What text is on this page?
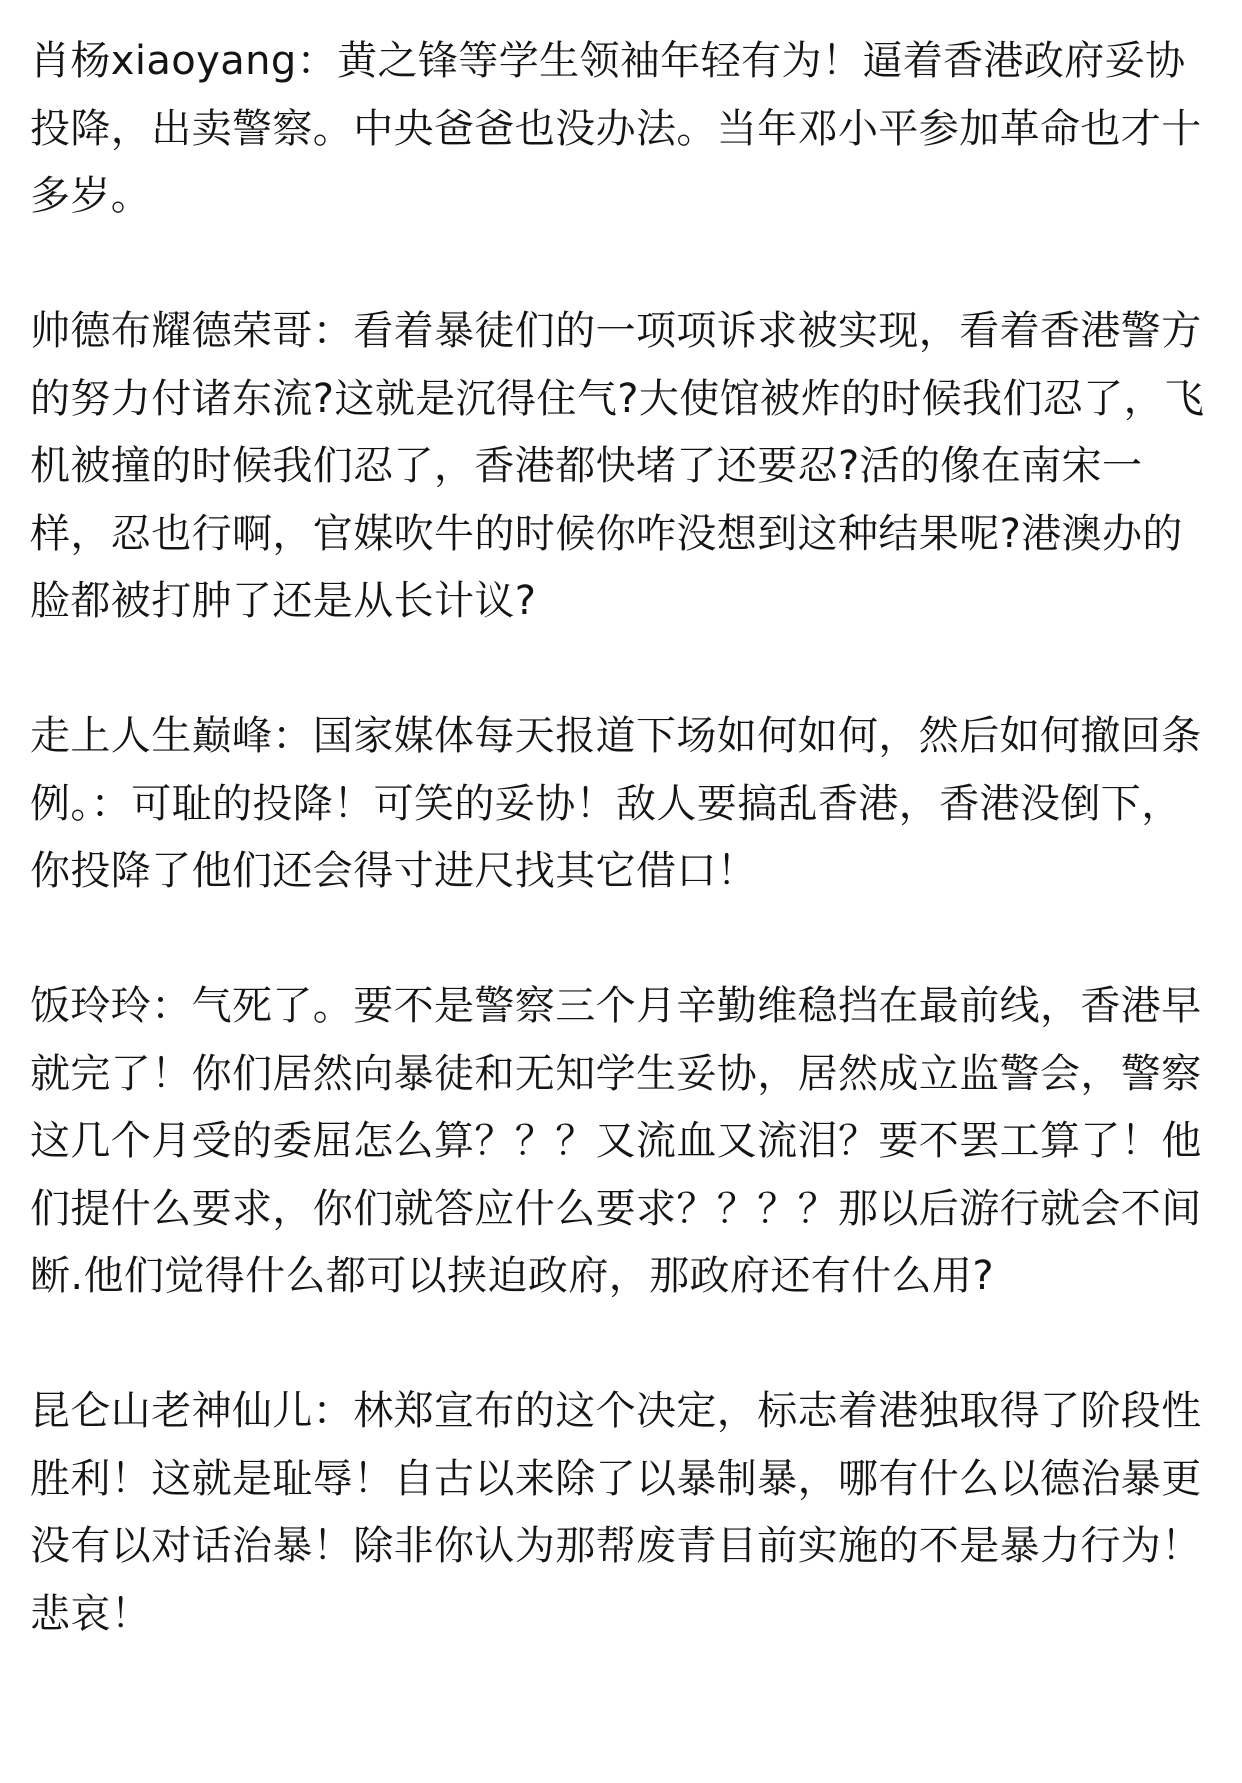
肖杨xiaoyang：黄之锋等学生领袖年轻有为！逼着香港政府妥协投降，出卖警察。中央爸爸也没办法。当年邓小平参加革命也才十多岁。

帅德布耀德荣哥：看着暴徒们的一项项诉求被实现，看着香港警方的努力付诸东流?这就是沉得住气?大使馆被炸的时候我们忍了，飞机被撞的时候我们忍了，香港都快堵了还要忍?活的像在南宋一样，忍也行啊，官媒吹牛的时候你咋没想到这种结果呢?港澳办的脸都被打肿了还是从长计议?

走上人生巅峰：国家媒体每天报道下场如何如何，然后如何撤回条例。：可耻的投降！可笑的妥协！敌人要搞乱香港，香港没倒下，你投降了他们还会得寸进尺找其它借口！

饭玲玲：气死了。要不是警察三个月辛勤维稳挡在最前线，香港早就完了！你们居然向暴徒和无知学生妥协，居然成立监警会，警察这几个月受的委屈怎么算？？？又流血又流泪？要不罢工算了！他们提什么要求，你们就答应什么要求？？？？那以后游行就会不间断.他们觉得什么都可以挟迫政府，那政府还有什么用?

昆仑山老神仙儿：林郑宣布的这个决定，标志着港独取得了阶段性胜利！这就是耻辱！自古以来除了以暴制暴，哪有什么以德治暴更没有以对话治暴！除非你认为那帮废青目前实施的不是暴力行为！悲哀！
